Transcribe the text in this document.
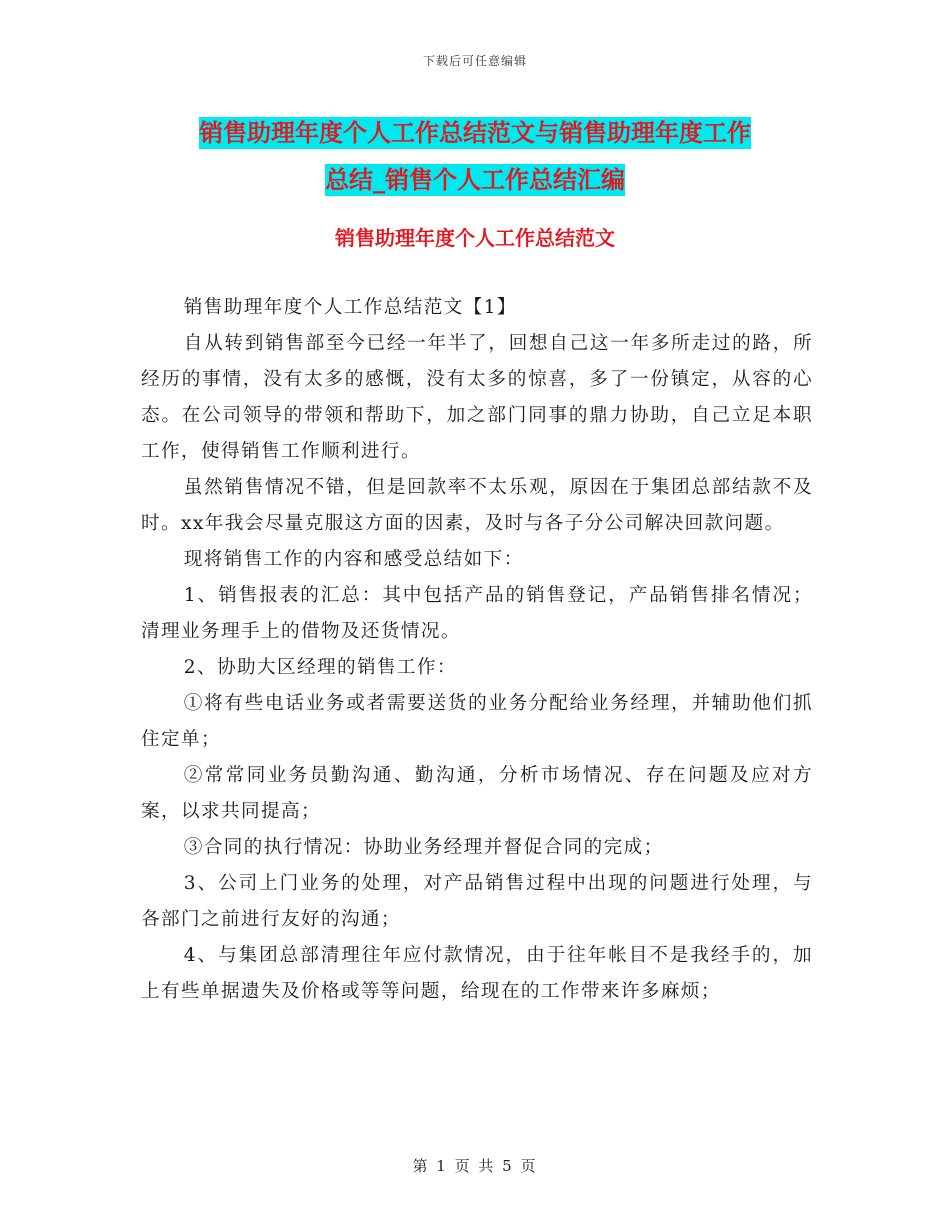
下载后可任意编辑
销售助理年度个人工作总结范文与销售助理年度工作
总结_销售个人工作总结汇编
销售助理年度个人工作总结范文

销售助理年度个人工作总结范文【1】

自从转到销售部至今已经一年半了，回想自己这一年多所走过的路，所经历的事情，没有太多的感慨，没有太多的惊喜，多了一份镇定，从容的心态。在公司领导的带领和帮助下，加之部门同事的鼎力协助，自己立足本职工作，使得销售工作顺利进行。

虽然销售情况不错，但是回款率不太乐观，原因在于集团总部结款不及时。xx年我会尽量克服这方面的因素，及时与各子分公司解决回款问题。

现将销售工作的内容和感受总结如下：

1、销售报表的汇总：其中包括产品的销售登记，产品销售排名情况；清理业务理手上的借物及还货情况。

2、协助大区经理的销售工作：

①将有些电话业务或者需要送货的业务分配给业务经理，并辅助他们抓住定单；

②常常同业务员勤沟通、勤沟通，分析市场情况、存在问题及应对方案，以求共同提高；

③合同的执行情况：协助业务经理并督促合同的完成；

3、公司上门业务的处理，对产品销售过程中出现的问题进行处理，与各部门之前进行友好的沟通；

4、与集团总部清理往年应付款情况，由于往年帐目不是我经手的，加上有些单据遗失及价格或等等问题，给现在的工作带来许多麻烦；

第 1 页 共 5 页
